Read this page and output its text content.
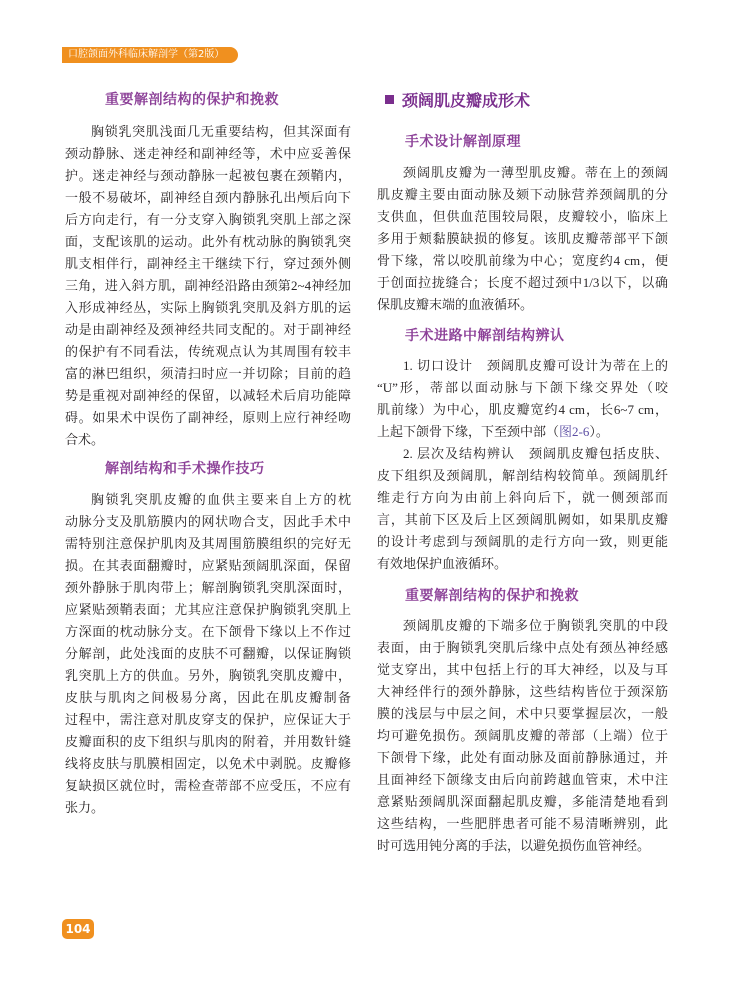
口腔颌面外科临床解剖学（第2版）
重要解剖结构的保护和挽救
胸锁乳突肌浅面几无重要结构，但其深面有
颈动静脉、迷走神经和副神经等，术中应妥善保
护。迷走神经与颈动静脉一起被包裹在颈鞘内，
一般不易破坏，副神经自颈内静脉孔出颅后向下
后方向走行，有一分支穿入胸锁乳突肌上部之深
面，支配该肌的运动。此外有枕动脉的胸锁乳突
肌支相伴行，副神经主干继续下行，穿过颈外侧
三角，进入斜方肌，副神经沿路由颈第2~4神经加
入形成神经丛，实际上胸锁乳突肌及斜方肌的运
动是由副神经及颈神经共同支配的。对于副神经
的保护有不同看法，传统观点认为其周围有较丰
富的淋巴组织，须清扫时应一并切除；目前的趋
势是重视对副神经的保留，以减轻术后肩功能障
碍。如果术中误伤了副神经，原则上应行神经吻
合术。
解剖结构和手术操作技巧
胸锁乳突肌皮瓣的血供主要来自上方的枕
动脉分支及肌筋膜内的网状吻合支，因此手术中
需特别注意保护肌肉及其周围筋膜组织的完好无
损。在其表面翻瓣时，应紧贴颈阔肌深面，保留
颈外静脉于肌肉带上；解剖胸锁乳突肌深面时，
应紧贴颈鞘表面；尤其应注意保护胸锁乳突肌上
方深面的枕动脉分支。在下颌骨下缘以上不作过
分解剖，此处浅面的皮肤不可翻瓣，以保证胸锁
乳突肌上方的供血。另外，胸锁乳突肌皮瓣中，
皮肤与肌肉之间极易分离，因此在肌皮瓣制备
过程中，需注意对肌皮穿支的保护，应保证大于
皮瓣面积的皮下组织与肌肉的附着，并用数针缝
线将皮肤与肌膜相固定，以免术中剥脱。皮瓣修
复缺损区就位时，需检查蒂部不应受压，不应有
张力。
颈阔肌皮瓣成形术
手术设计解剖原理
颈阔肌皮瓣为一薄型肌皮瓣。蒂在上的颈阔
肌皮瓣主要由面动脉及颏下动脉营养颈阔肌的分
支供血，但供血范围较局限，皮瓣较小，临床上
多用于颊黏膜缺损的修复。该肌皮瓣蒂部平下颌
骨下缘，常以咬肌前缘为中心；宽度约4 cm，便
于创面拉拢缝合；长度不超过颈中1/3以下，以确
保肌皮瓣末端的血液循环。
手术进路中解剖结构辨认
1. 切口设计　颈阔肌皮瓣可设计为蒂在上的
“U”形，蒂部以面动脉与下颌下缘交界处（咬
肌前缘）为中心，肌皮瓣宽约4 cm，长6~7 cm，
上起下颌骨下缘，下至颈中部（图2-6）。
2. 层次及结构辨认　颈阔肌皮瓣包括皮肤、
皮下组织及颈阔肌，解剖结构较简单。颈阔肌纤
维走行方向为由前上斜向后下，就一侧颈部而
言，其前下区及后上区颈阔肌阙如，如果肌皮瓣
的设计考虑到与颈阔肌的走行方向一致，则更能
有效地保护血液循环。
重要解剖结构的保护和挽救
颈阔肌皮瓣的下端多位于胸锁乳突肌的中段
表面，由于胸锁乳突肌后缘中点处有颈丛神经感
觉支穿出，其中包括上行的耳大神经，以及与耳
大神经伴行的颈外静脉，这些结构皆位于颈深筋
膜的浅层与中层之间，术中只要掌握层次，一般
均可避免损伤。颈阔肌皮瓣的蒂部（上端）位于
下颌骨下缘，此处有面动脉及面前静脉通过，并
且面神经下颌缘支由后向前跨越血管束，术中注
意紧贴颈阔肌深面翻起肌皮瓣，多能清楚地看到
这些结构，一些肥胖患者可能不易清晰辨别，此
时可选用钝分离的手法，以避免损伤血管神经。
104
